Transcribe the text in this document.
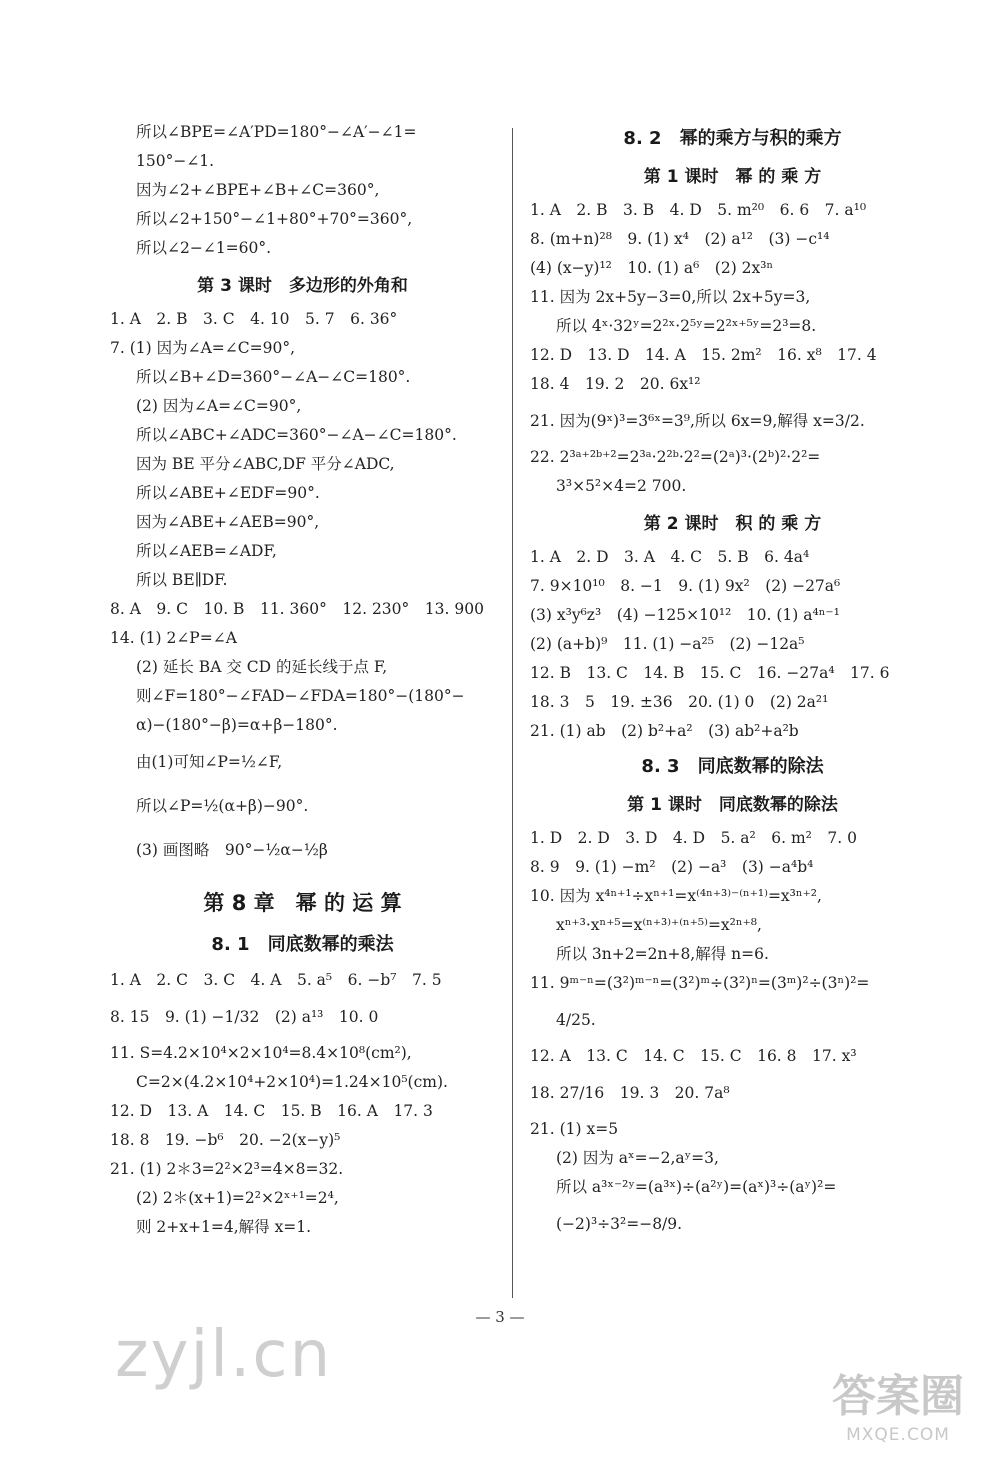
所以∠BPE=∠A′PD=180°−∠A′−∠1=
150°−∠1.
因为∠2+∠BPE+∠B+∠C=360°,
所以∠2+150°−∠1+80°+70°=360°,
所以∠2−∠1=60°.
第 3 课时　多边形的外角和
1. A　2. B　3. C　4. 10　5. 7　6. 36°
7. (1) 因为∠A=∠C=90°,
所以∠B+∠D=360°−∠A−∠C=180°.
(2) 因为∠A=∠C=90°,
所以∠ABC+∠ADC=360°−∠A−∠C=180°.
因为 BE 平分∠ABC,DF 平分∠ADC,
所以∠ABE+∠EDF=90°.
因为∠ABE+∠AEB=90°,
所以∠AEB=∠ADF,
所以 BE∥DF.
8. A　9. C　10. B　11. 360°　12. 230°　13. 900
14. (1) 2∠P=∠A
(2) 延长 BA 交 CD 的延长线于点 F,
则∠F=180°−∠FAD−∠FDA=180°−(180°−
α)−(180°−β)=α+β−180°.
由(1)可知∠P=½∠F,
所以∠P=½(α+β)−90°.
(3) 画图略　90°−½α−½β
第 8 章　幂 的 运 算
8. 1　同底数幂的乘法
1. A　2. C　3. C　4. A　5. a⁵　6. −b⁷　7. 5
8. 15　9. (1) −1/32　(2) a¹³　10. 0
11. S=4.2×10⁴×2×10⁴=8.4×10⁸(cm²),
C=2×(4.2×10⁴+2×10⁴)=1.24×10⁵(cm).
12. D　13. A　14. C　15. B　16. A　17. 3
18. 8　19. −b⁶　20. −2(x−y)⁵
21. (1) 2＊3=2²×2³=4×8=32.
(2) 2＊(x+1)=2²×2ˣ⁺¹=2⁴,
则 2+x+1=4,解得 x=1.
8. 2　幂的乘方与积的乘方
第 1 课时　幂 的 乘 方
1. A　2. B　3. B　4. D　5. m²⁰　6. 6　7. a¹⁰
8. (m+n)²⁸　9. (1) x⁴　(2) a¹²　(3) −c¹⁴
(4) (x−y)¹²　10. (1) a⁶　(2) 2x³ⁿ
11. 因为 2x+5y−3=0,所以 2x+5y=3,
所以 4ˣ·32ʸ=2²ˣ·2⁵ʸ=2²ˣ⁺⁵ʸ=2³=8.
12. D　13. D　14. A　15. 2m²　16. x⁸　17. 4
18. 4　19. 2　20. 6x¹²
21. 因为(9ˣ)³=3⁶ˣ=3⁹,所以 6x=9,解得 x=3/2.
22. 2³ᵃ⁺²ᵇ⁺²=2³ᵃ·2²ᵇ·2²=(2ᵃ)³·(2ᵇ)²·2²=
3³×5²×4=2 700.
第 2 课时　积 的 乘 方
1. A　2. D　3. A　4. C　5. B　6. 4a⁴
7. 9×10¹⁰　8. −1　9. (1) 9x²　(2) −27a⁶
(3) x³y⁶z³　(4) −125×10¹²　10. (1) a⁴ⁿ⁻¹
(2) (a+b)⁹　11. (1) −a²⁵　(2) −12a⁵
12. B　13. C　14. B　15. C　16. −27a⁴　17. 6
18. 3　5　19. ±36　20. (1) 0　(2) 2a²¹
21. (1) ab　(2) b²+a²　(3) ab²+a²b
8. 3　同底数幂的除法
第 1 课时　同底数幂的除法
1. D　2. D　3. D　4. D　5. a²　6. m²　7. 0
8. 9　9. (1) −m²　(2) −a³　(3) −a⁴b⁴
10. 因为 x⁴ⁿ⁺¹÷xⁿ⁺¹=x⁽⁴ⁿ⁺³⁾⁻⁽ⁿ⁺¹⁾=x³ⁿ⁺²,
xⁿ⁺³·xⁿ⁺⁵=x⁽ⁿ⁺³⁾⁺⁽ⁿ⁺⁵⁾=x²ⁿ⁺⁸,
所以 3n+2=2n+8,解得 n=6.
11. 9ᵐ⁻ⁿ=(3²)ᵐ⁻ⁿ=(3²)ᵐ÷(3²)ⁿ=(3ᵐ)²÷(3ⁿ)²=
4/25.
12. A　13. C　14. C　15. C　16. 8　17. x³
18. 27/16　19. 3　20. 7a⁸
21. (1) x=5
(2) 因为 aˣ=−2,aʸ=3,
所以 a³ˣ⁻²ʸ=(a³ˣ)÷(a²ʸ)=(aˣ)³÷(aʸ)²=
(−2)³÷3²=−8/9.
— 3 —
zyjl.cn
答案圈
MXQE.COM
